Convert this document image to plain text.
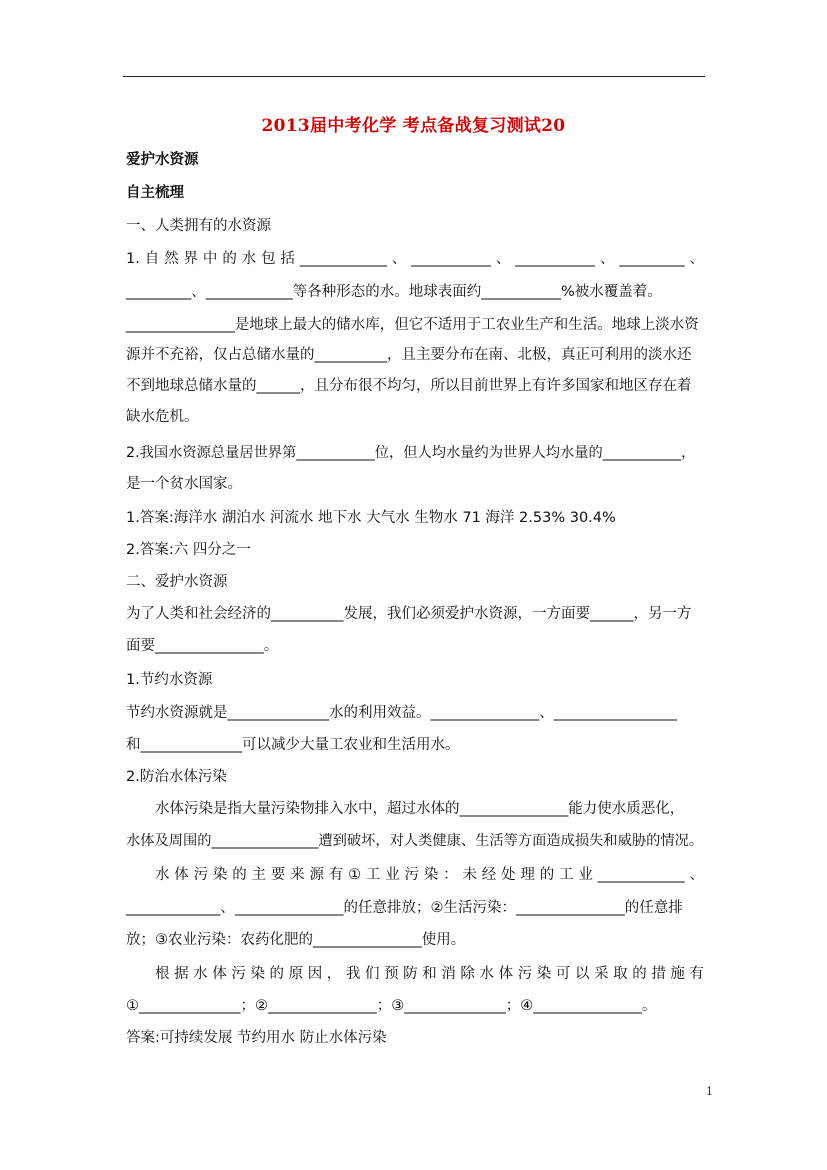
2013届中考化学 考点备战复习测试20
爱护水资源
自主梳理
一、人类拥有的水资源
1.自然界中的水包括____________、___________、___________、_________、
_________、____________等各种形态的水。地球表面约___________%被水覆盖着。
_______________是地球上最大的储水库，但它不适用于工农业生产和生活。地球上淡水资
源并不充裕，仅占总储水量的__________，且主要分布在南、北极，真正可利用的淡水还
不到地球总储水量的______，且分布很不均匀，所以目前世界上有许多国家和地区存在着
缺水危机。
2.我国水资源总量居世界第___________位，但人均水量约为世界人均水量的___________，
是一个贫水国家。
1.答案:海洋水 湖泊水 河流水 地下水 大气水 生物水 71 海洋 2.53% 30.4%
2.答案:六 四分之一
二、爱护水资源
为了人类和社会经济的__________发展，我们必须爱护水资源，一方面要______，另一方
面要_______________。
1.节约水资源
节约水资源就是______________水的利用效益。_______________、_________________
和______________可以减少大量工农业和生活用水。
2.防治水体污染
水体污染是指大量污染物排入水中，超过水体的_______________能力使水质恶化，
水体及周围的_______________遭到破坏，对人类健康、生活等方面造成损失和威胁的情况。
水体污染的主要来源有①工业污染：未经处理的工业____________、
_____________、_______________的任意排放；②生活污染：_______________的任意排
放；③农业污染：农药化肥的_______________使用。
根据水体污染的原因，我们预防和消除水体污染可以采取的措施有
①______________；②_______________；③______________；④_______________。
答案:可持续发展 节约用水 防止水体污染
1
